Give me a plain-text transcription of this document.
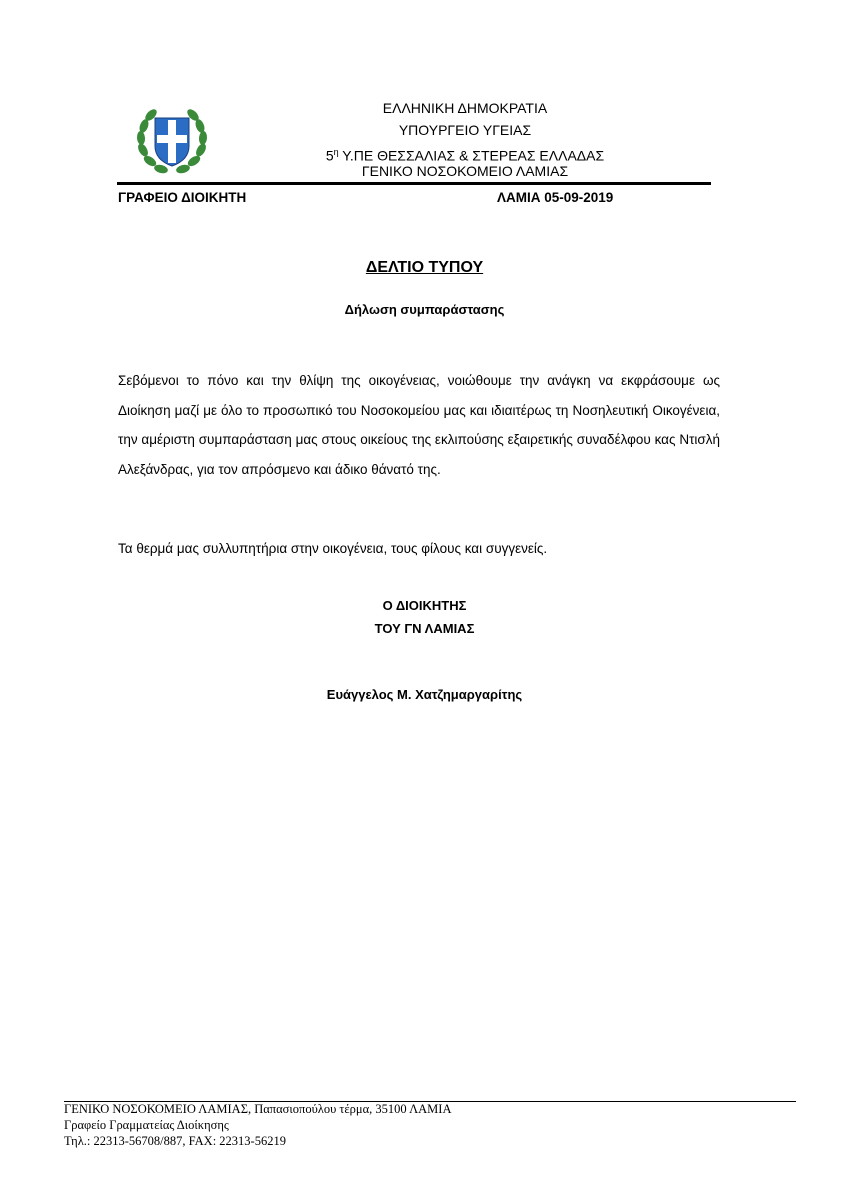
ΕΛΛΗΝΙΚΗ ΔΗΜΟΚΡΑΤΙΑ
ΥΠΟΥΡΓΕΙΟ ΥΓΕΙΑΣ
$5^\eta$ Υ.ΠΕ ΘΕΣΣΑΛΙΑΣ & ΣΤΕΡΕΑΣ ΕΛΛΑΔΑΣ
ΓΕΝΙΚΟ ΝΟΣΟΚΟΜΕΙΟ ΛΑΜΙΑΣ
ΓΡΑΦΕΙΟ ΔΙΟΙΚΗΤΗ	ΛΑΜΙΑ 05-09-2019
ΔΕΛΤΙΟ ΤΥΠΟΥ
Δήλωση συμπαράστασης
Σεβόμενοι το πόνο και την θλίψη της οικογένειας, νοιώθουμε την ανάγκη να εκφράσουμε ως Διοίκηση μαζί με όλο το προσωπικό του Νοσοκομείου μας και ιδιαιτέρως τη Νοσηλευτική Οικογένεια, την αμέριστη συμπαράσταση μας στους οικείους της εκλιπούσης εξαιρετικής συναδέλφου κας Ντισλή Αλεξάνδρας, για τον απρόσμενο και άδικο θάνατό της.
Τα θερμά μας συλλυπητήρια στην οικογένεια, τους φίλους και συγγενείς.
Ο ΔΙΟΙΚΗΤΗΣ
ΤΟΥ ΓΝ ΛΑΜΙΑΣ
Ευάγγελος Μ. Χατζημαργαρίτης
ΓΕΝΙΚΟ ΝΟΣΟΚΟΜΕΙΟ ΛΑΜΙΑΣ, Παπασιοπούλου τέρμα, 35100 ΛΑΜΙΑ
Γραφείο Γραμματείας Διοίκησης
Τηλ.: 22313-56708/887, FAX: 22313-56219
